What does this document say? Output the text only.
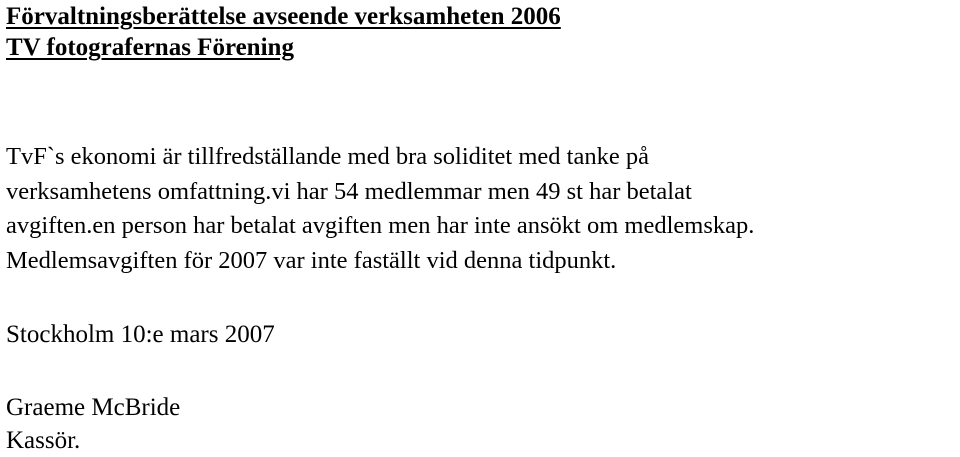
Förvaltningsberättelse avseende verksamheten 2006
TV fotografernas Förening
TvF`s ekonomi är tillfredställande med bra soliditet med tanke på
verksamhetens omfattning.vi har 54 medlemmar men 49 st har betalat
avgiften.en person har betalat avgiften men har inte ansökt om medlemskap.
Medlemsavgiften för 2007 var inte faställt vid denna tidpunkt.
Stockholm 10:e mars 2007
Graeme McBride
Kassör.
